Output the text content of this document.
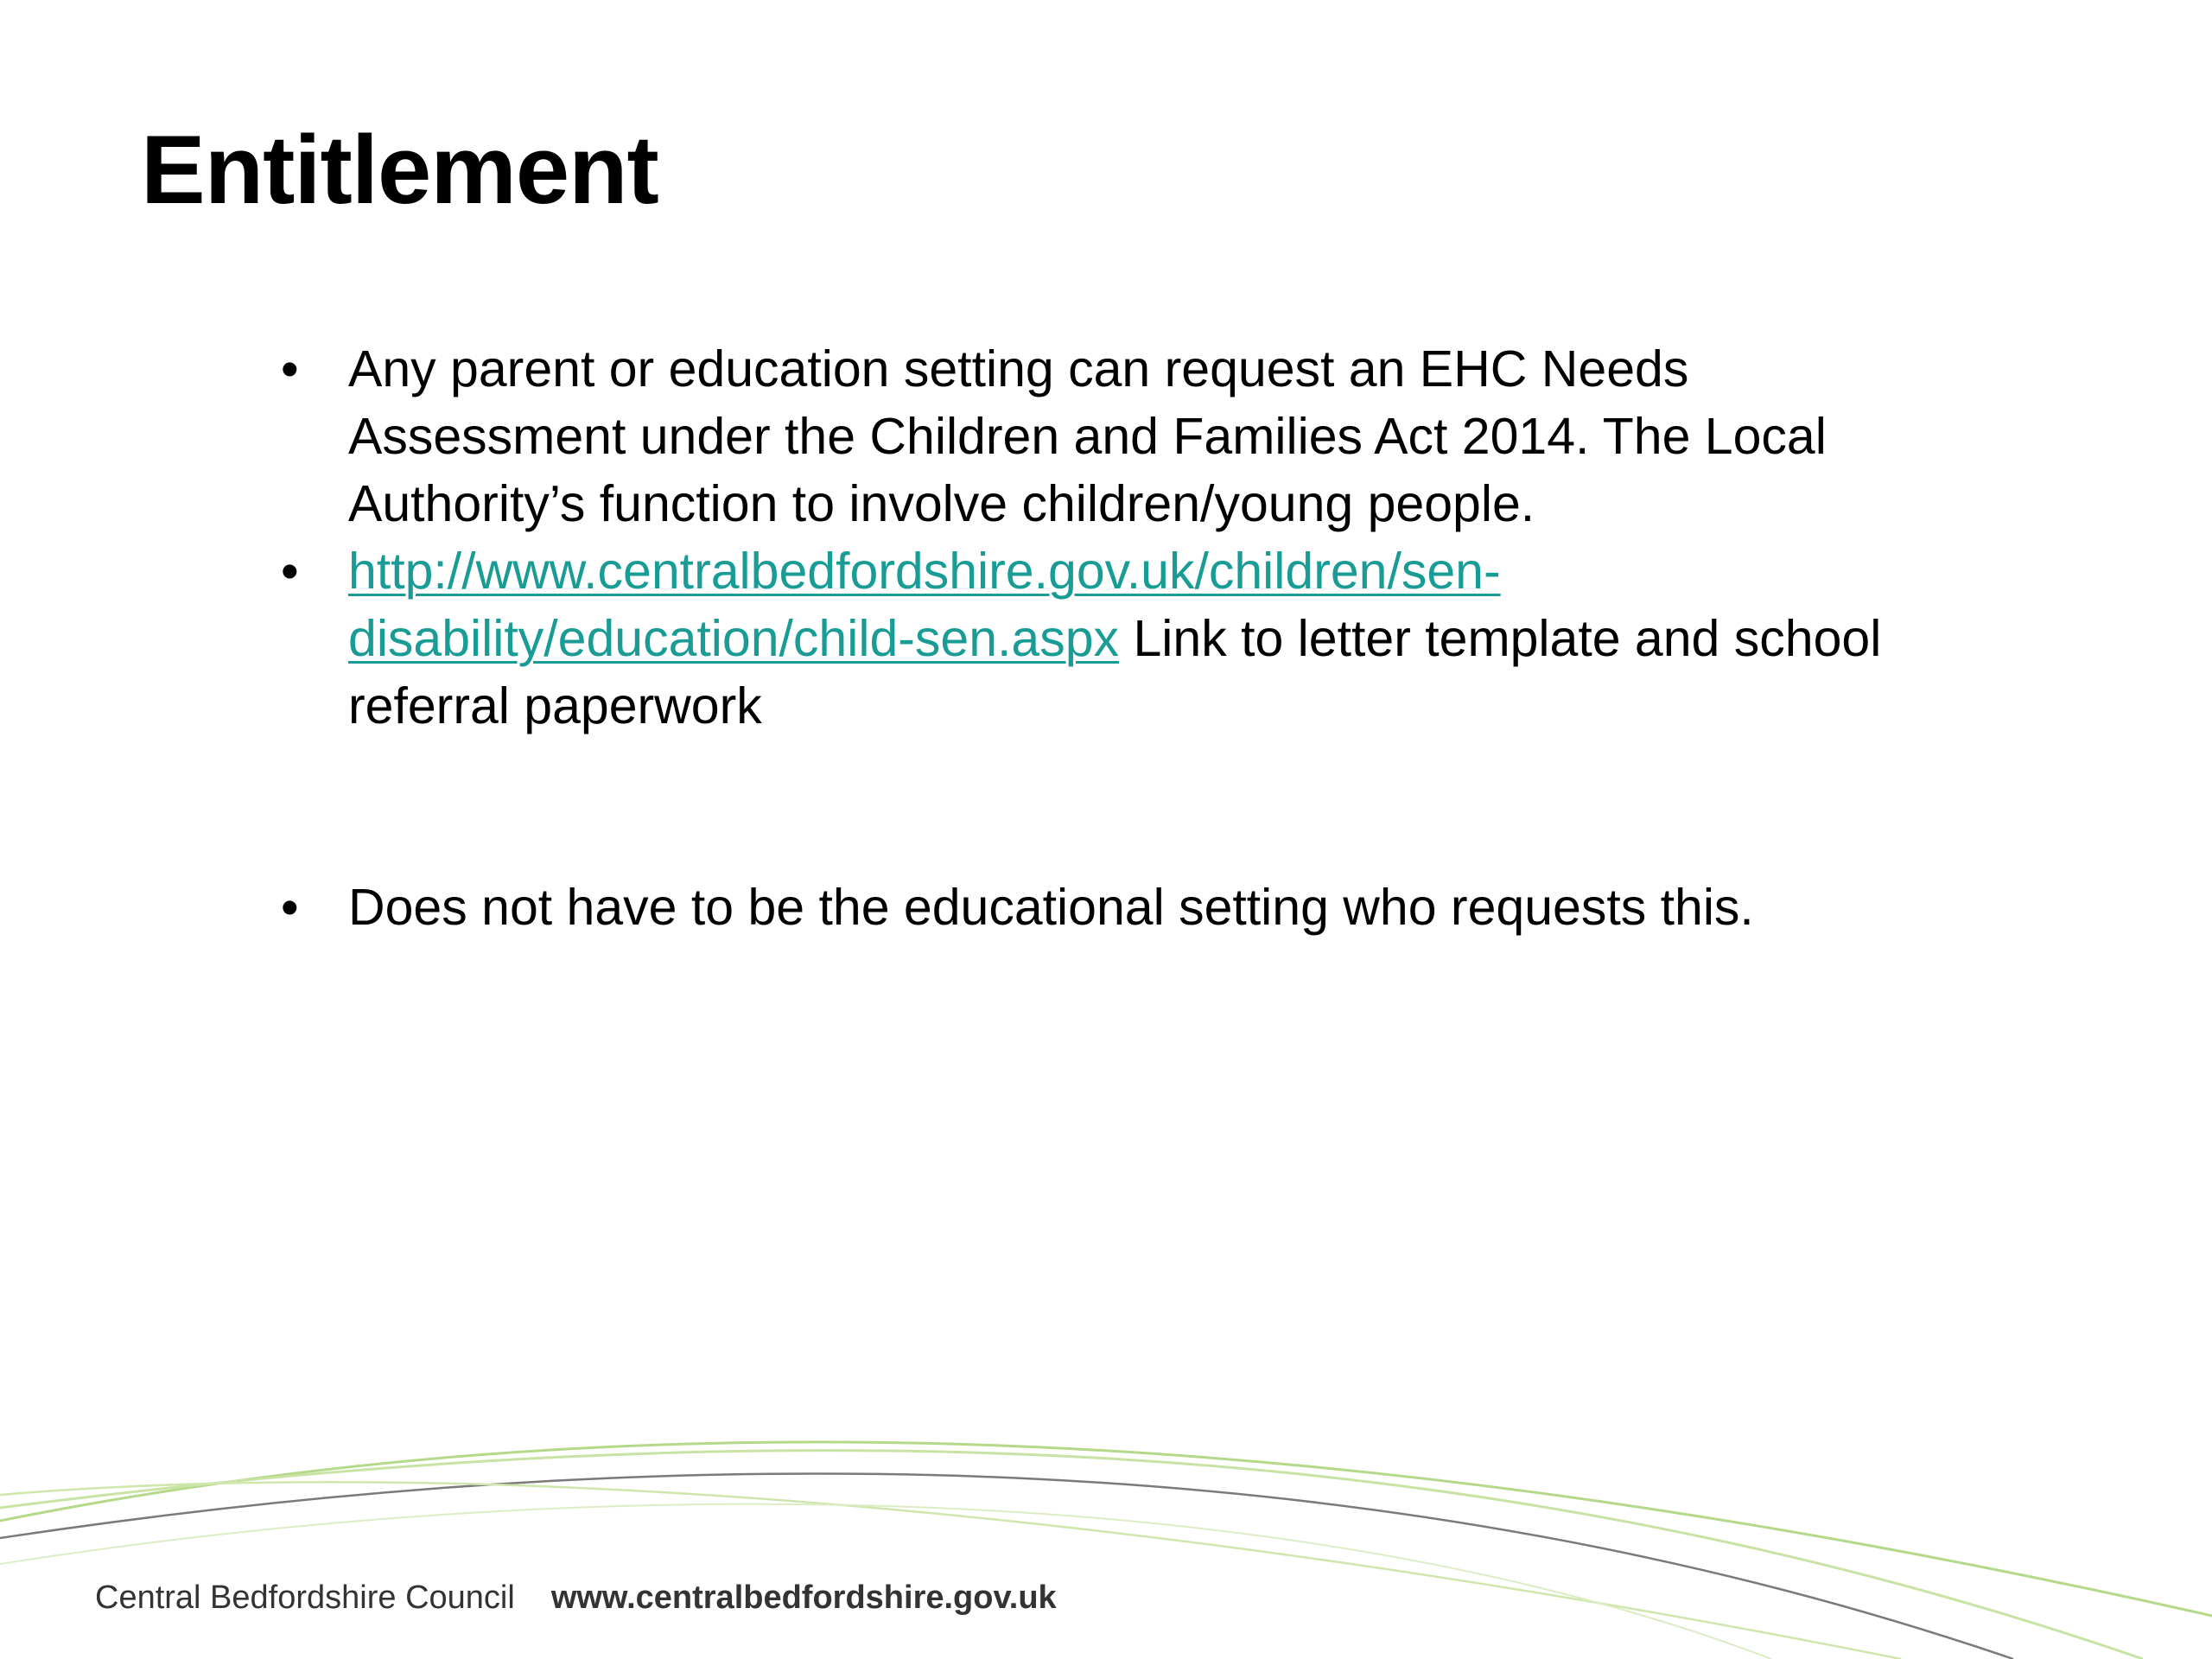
Entitlement
• Any parent or education setting can request an EHC Needs Assessment under the Children and Families Act 2014. The Local Authority’s function to involve children/young people.
• http://www.centralbedfordshire.gov.uk/children/sen-
disability/education/child-sen.aspx Link to letter template and school referral paperwork
• Does not have to be the educational setting who requests this.
Central Bedfordshire Council www.centralbedfordshire.gov.uk
